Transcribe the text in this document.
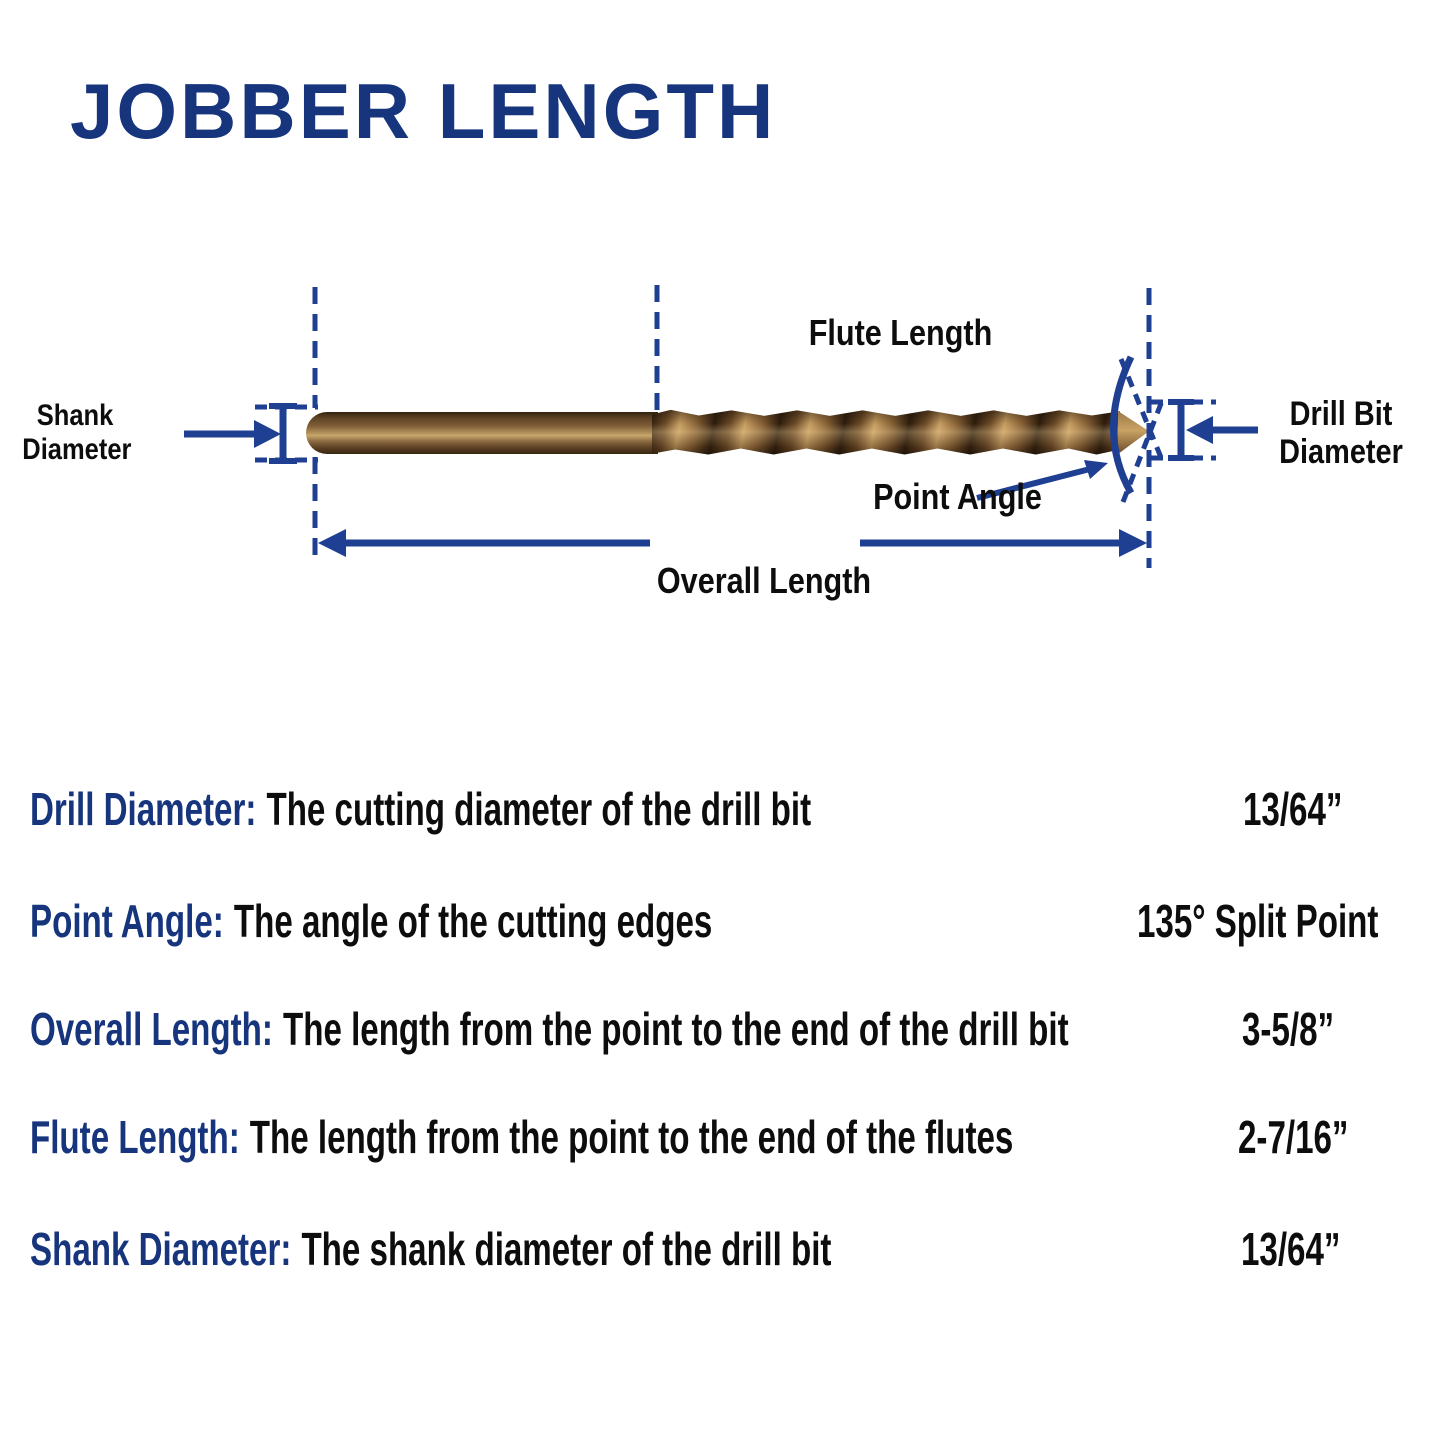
JOBBER LENGTH
Shank
Diameter
Flute Length
Point Angle
Overall Length
Drill Bit
Diameter
Drill Diameter: The cutting diameter of the drill bit	13/64”
Point Angle: The angle of the cutting edges	135° Split Point
Overall Length: The length from the point to the end of the drill bit	3-5/8”
Flute Length: The length from the point to the end of the flutes	2-7/16”
Shank Diameter: The shank diameter of the drill bit	13/64”
